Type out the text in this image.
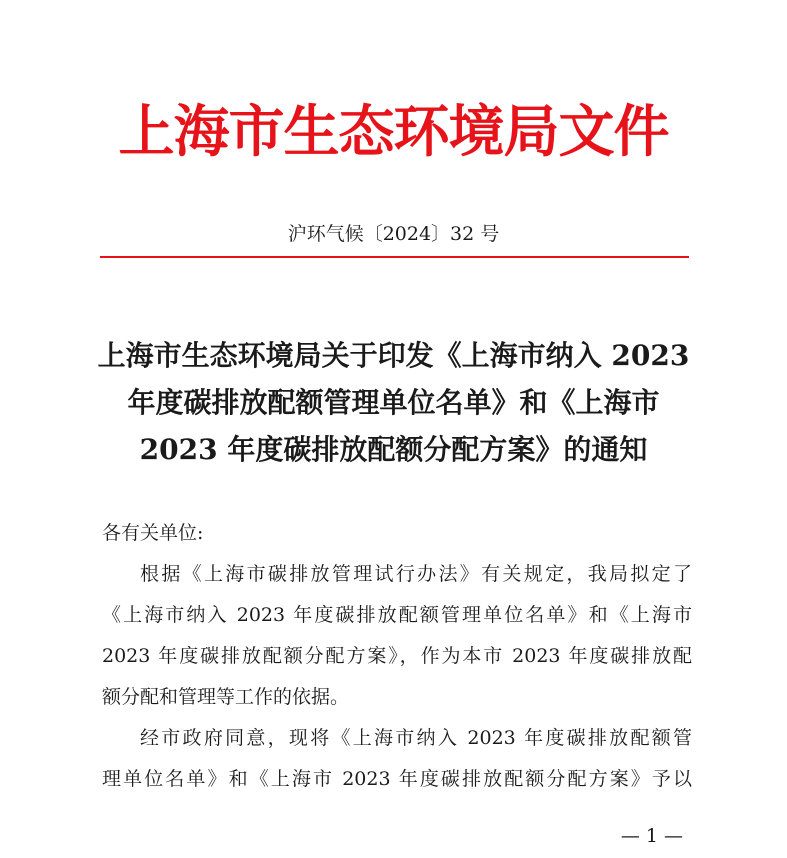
上海市生态环境局文件
沪环气候〔2024〕32 号
上海市生态环境局关于印发《上海市纳入 2023
年度碳排放配额管理单位名单》和《上海市
2023 年度碳排放配额分配方案》的通知
各有关单位:
根据《上海市碳排放管理试行办法》有关规定，我局拟定了
《上海市纳入 2023 年度碳排放配额管理单位名单》和《上海市
2023 年度碳排放配额分配方案》，作为本市 2023 年度碳排放配
额分配和管理等工作的依据。
经市政府同意，现将《上海市纳入 2023 年度碳排放配额管
理单位名单》和《上海市 2023 年度碳排放配额分配方案》予以
— 1 —
